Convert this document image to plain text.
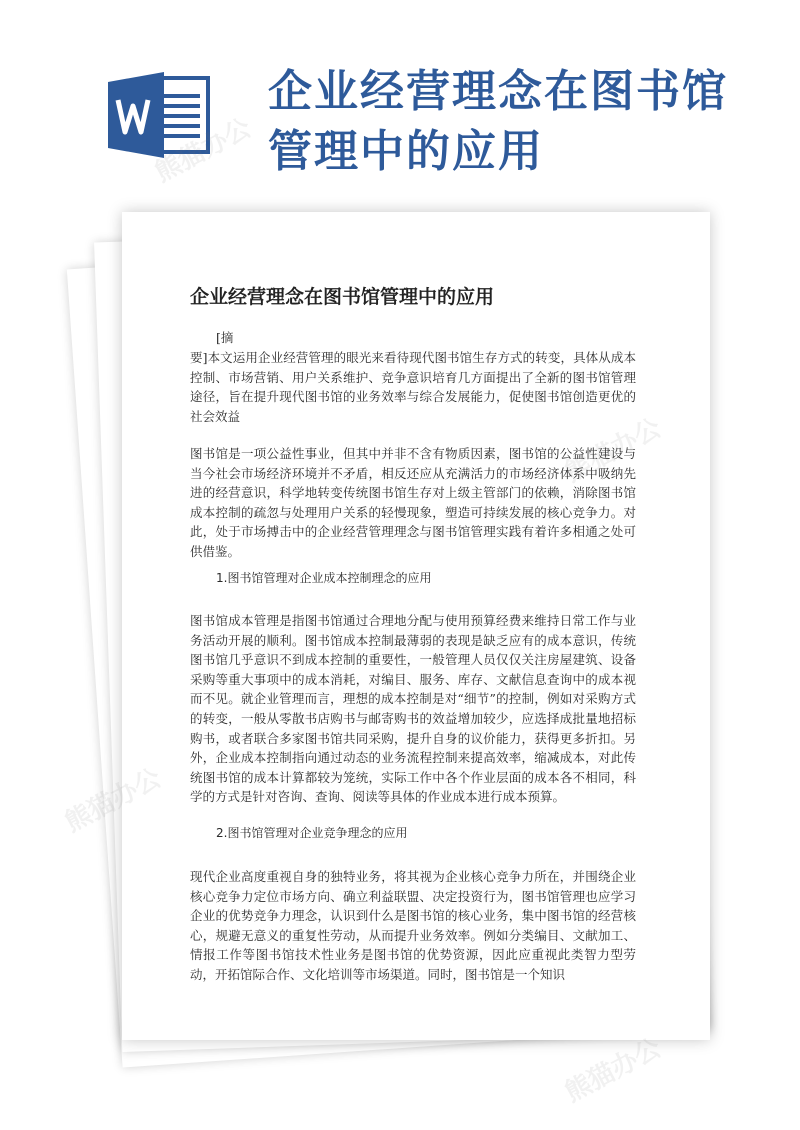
企业经营理念在图书馆管理中的应用
企业经营理念在图书馆管理中的应用

[摘

要]本文运用企业经营管理的眼光来看待现代图书馆生存方式的转变，具体从成本控制、市场营销、用户关系维护、竞争意识培育几方面提出了全新的图书馆管理途径，旨在提升现代图书馆的业务效率与综合发展能力，促使图书馆创造更优的社会效益

图书馆是一项公益性事业，但其中并非不含有物质因素，图书馆的公益性建设与当今社会市场经济环境并不矛盾，相反还应从充满活力的市场经济体系中吸纳先进的经营意识，科学地转变传统图书馆生存对上级主管部门的依赖，消除图书馆成本控制的疏忽与处理用户关系的轻慢现象，塑造可持续发展的核心竞争力。对此，处于市场搏击中的企业经营管理理念与图书馆管理实践有着许多相通之处可供借鉴。

1.图书馆管理对企业成本控制理念的应用

图书馆成本管理是指图书馆通过合理地分配与使用预算经费来维持日常工作与业务活动开展的顺利。图书馆成本控制最薄弱的表现是缺乏应有的成本意识，传统图书馆几乎意识不到成本控制的重要性，一般管理人员仅仅关注房屋建筑、设备采购等重大事项中的成本消耗，对编目、服务、库存、文献信息查询中的成本视而不见。就企业管理而言，理想的成本控制是对“细节”的控制，例如对采购方式的转变，一般从零散书店购书与邮寄购书的效益增加较少，应选择成批量地招标购书，或者联合多家图书馆共同采购，提升自身的议价能力，获得更多折扣。另外，企业成本控制指向通过动态的业务流程控制来提高效率，缩减成本，对此传统图书馆的成本计算都较为笼统，实际工作中各个作业层面的成本各不相同，科学的方式是针对咨询、查询、阅读等具体的作业成本进行成本预算。

2.图书馆管理对企业竞争理念的应用

现代企业高度重视自身的独特业务，将其视为企业核心竞争力所在，并围绕企业核心竞争力定位市场方向、确立利益联盟、决定投资行为，图书馆管理也应学习企业的优势竞争力理念，认识到什么是图书馆的核心业务，集中图书馆的经营核心，规避无意义的重复性劳动，从而提升业务效率。例如分类编目、文献加工、情报工作等图书馆技术性业务是图书馆的优势资源，因此应重视此类智力型劳动，开拓馆际合作、文化培训等市场渠道。同时，图书馆是一个知识

熊猫办公
